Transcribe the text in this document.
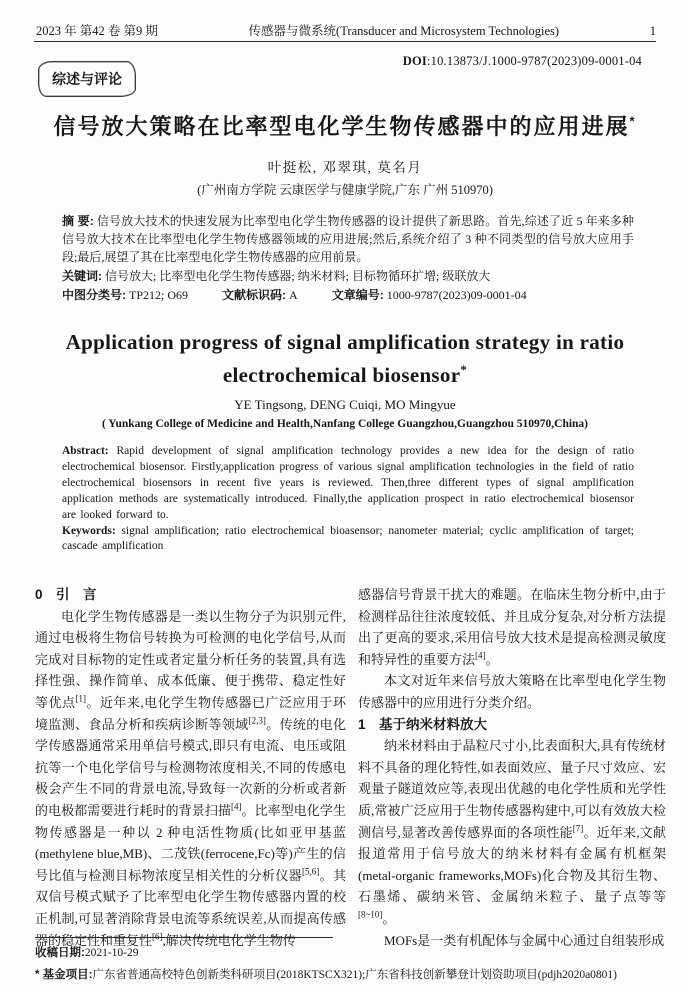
2023 年 第42 卷 第9 期	传感器与微系统(Transducer and Microsystem Technologies)	1
DOI:10.13873/J.1000-9787(2023)09-0001-04
综述与评论
信号放大策略在比率型电化学生物传感器中的应用进展*
叶挺松, 邓翠琪, 莫名月
(广州南方学院 云康医学与健康学院,广东 广州 510970)

摘 要: 信号放大技术的快速发展为比率型电化学生物传感器的设计提供了新思路。首先,综述了近 5 年来多种信号放大技术在比率型电化学生物传感器领域的应用进展;然后,系统介绍了 3 种不同类型的信号放大应用手段;最后,展望了其在比率型电化学生物传感器的应用前景。

关键词: 信号放大; 比率型电化学生物传感器; 纳米材料; 目标物循环扩增; 级联放大

中图分类号: TP212; O69	文献标识码: A	文章编号: 1000-9787(2023)09-0001-04
Application progress of signal amplification strategy in ratio electrochemical biosensor*
YE Tingsong, DENG Cuiqi, MO Mingyue
( Yunkang College of Medicine and Health,Nanfang College Guangzhou,Guangzhou 510970,China)

Abstract: Rapid development of signal amplification technology provides a new idea for the design of ratio electrochemical biosensor. Firstly,application progress of various signal amplification technologies in the field of ratio electrochemical biosensors in recent five years is reviewed. Then,three different types of signal amplification application methods are systematically introduced. Finally,the application prospect in ratio electrochemical biosensor are looked forward to.

Keywords: signal amplification; ratio electrochemical bioasensor; nanometer material; cyclic amplification of target; cascade amplification

0　引　言

电化学生物传感器是一类以生物分子为识别元件,通过电极将生物信号转换为可检测的电化学信号,从而完成对目标物的定性或者定量分析任务的装置,具有选择性强、操作简单、成本低廉、便于携带、稳定性好等优点[1]。近年来,电化学生物传感器已广泛应用于环境监测、食品分析和疾病诊断等领域[2,3]。传统的电化学传感器通常采用单信号模式,即只有电流、电压或阻抗等一个电化学信号与检测物浓度相关,不同的传感电极会产生不同的背景电流,导致每一次新的分析或者新的电极都需要进行耗时的背景扫描[4]。比率型电化学生物传感器是一种以 2 种电活性物质(比如亚甲基蓝(methylene blue,MB)、二茂铁(ferrocene,Fc)等)产生的信号比值与检测目标物浓度呈相关性的分析仪器[5,6]。其双信号模式赋予了比率型电化学生物传感器内置的校正机制,可显著消除背景电流等系统误差,从而提高传感器的稳定性和重复性[6],解决传统电化学生物传

感器信号背景干扰大的难题。在临床生物分析中,由于检测样品往往浓度较低、并且成分复杂,对分析方法提出了更高的要求,采用信号放大技术是提高检测灵敏度和特异性的重要方法[4]。

本文对近年来信号放大策略在比率型电化学生物传感器中的应用进行分类介绍。

1　基于纳米材料放大

纳米材料由于晶粒尺寸小,比表面积大,具有传统材料不具备的理化特性,如表面效应、量子尺寸效应、宏观量子隧道效应等,表现出优越的电化学性质和光学性质,常被广泛应用于生物传感器构建中,可以有效放大检测信号,显著改善传感界面的各项性能[7]。近年来,文献报道常用于信号放大的纳米材料有金属有机框架(metal-organic frameworks,MOFs)化合物及其衍生物、石墨烯、碳纳米管、金属纳米粒子、量子点等等[8~10]。

MOFs是一类有机配体与金属中心通过自组装形成

收稿日期:2021-10-29
* 基金项目:广东省普通高校特色创新类科研项目(2018KTSCX321);广东省科技创新攀登计划资助项目(pdjh2020a0801)
